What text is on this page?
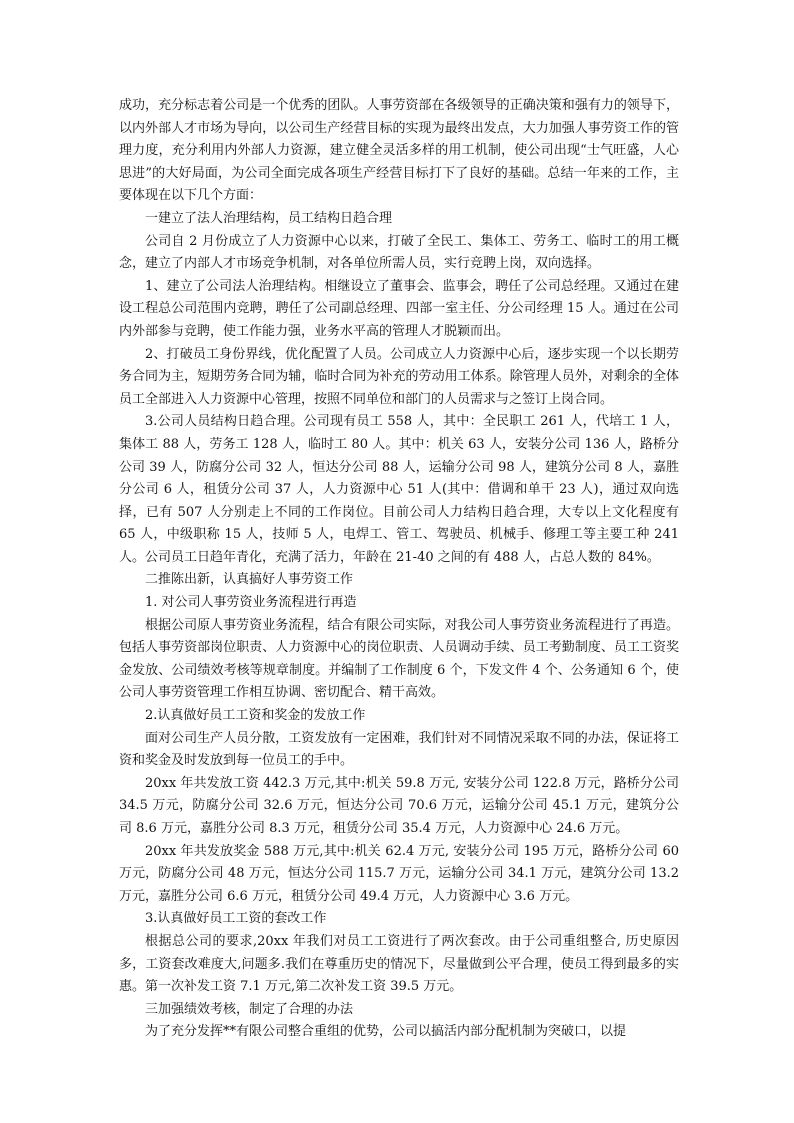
成功，充分标志着公司是一个优秀的团队。人事劳资部在各级领导的正确决策和强有力的领导下，以内外部人才市场为导向，以公司生产经营目标的实现为最终出发点，大力加强人事劳资工作的管理力度，充分利用内外部人力资源，建立健全灵活多样的用工机制，使公司出现“士气旺盛，人心思进”的大好局面，为公司全面完成各项生产经营目标打下了良好的基础。总结一年来的工作，主要体现在以下几个方面：

一建立了法人治理结构，员工结构日趋合理

公司自 2 月份成立了人力资源中心以来，打破了全民工、集体工、劳务工、临时工的用工概念，建立了内部人才市场竞争机制，对各单位所需人员，实行竞聘上岗，双向选择。

1、建立了公司法人治理结构。相继设立了董事会、监事会，聘任了公司总经理。又通过在建设工程总公司范围内竞聘，聘任了公司副总经理、四部一室主任、分公司经理 15 人。通过在公司内外部参与竞聘，使工作能力强，业务水平高的管理人才脱颖而出。

2、打破员工身份界线，优化配置了人员。公司成立人力资源中心后，逐步实现一个以长期劳务合同为主，短期劳务合同为辅，临时合同为补充的劳动用工体系。除管理人员外，对剩余的全体员工全部进入人力资源中心管理，按照不同单位和部门的人员需求与之签订上岗合同。

3.公司人员结构日趋合理。公司现有员工 558 人，其中：全民职工 261 人，代培工 1 人，集体工 88 人，劳务工 128 人，临时工 80 人。其中：机关 63 人，安装分公司 136 人，路桥分公司 39 人，防腐分公司 32 人，恒达分公司 88 人，运输分公司 98 人，建筑分公司 8 人，嘉胜分公司 6 人，租赁分公司 37 人，人力资源中心 51 人(其中：借调和单干 23 人)，通过双向选择，已有 507 人分别走上不同的工作岗位。目前公司人力结构日趋合理，大专以上文化程度有 65 人，中级职称 15 人，技师 5 人，电焊工、管工、驾驶员、机械手、修理工等主要工种 241 人。公司员工日趋年青化，充满了活力，年龄在 21-40 之间的有 488 人，占总人数的 84%。

二推陈出新，认真搞好人事劳资工作

1. 对公司人事劳资业务流程进行再造

根据公司原人事劳资业务流程，结合有限公司实际，对我公司人事劳资业务流程进行了再造。包括人事劳资部岗位职责、人力资源中心的岗位职责、人员调动手续、员工考勤制度、员工工资奖金发放、公司绩效考核等规章制度。并编制了工作制度 6 个，下发文件 4 个、公务通知 6 个，使公司人事劳资管理工作相互协调、密切配合、精干高效。

2.认真做好员工工资和奖金的发放工作

面对公司生产人员分散，工资发放有一定困难，我们针对不同情况采取不同的办法，保证将工资和奖金及时发放到每一位员工的手中。

20xx 年共发放工资 442.3 万元,其中:机关 59.8 万元, 安装分公司 122.8 万元，路桥分公司 34.5 万元，防腐分公司 32.6 万元，恒达分公司 70.6 万元，运输分公司 45.1 万元，建筑分公司 8.6 万元，嘉胜分公司 8.3 万元，租赁分公司 35.4 万元，人力资源中心 24.6 万元。

20xx 年共发放奖金 588 万元,其中:机关 62.4 万元, 安装分公司 195 万元，路桥分公司 60 万元，防腐分公司 48 万元，恒达分公司 115.7 万元，运输分公司 34.1 万元，建筑分公司 13.2 万元，嘉胜分公司 6.6 万元，租赁分公司 49.4 万元，人力资源中心 3.6 万元。

3.认真做好员工工资的套改工作

根据总公司的要求,20xx 年我们对员工工资进行了两次套改。由于公司重组整合, 历史原因多，工资套改难度大,问题多.我们在尊重历史的情况下，尽量做到公平合理，使员工得到最多的实惠。第一次补发工资 7.1 万元,第二次补发工资 39.5 万元。

三加强绩效考核，制定了合理的办法

为了充分发挥**有限公司整合重组的优势，公司以搞活内部分配机制为突破口，以提
